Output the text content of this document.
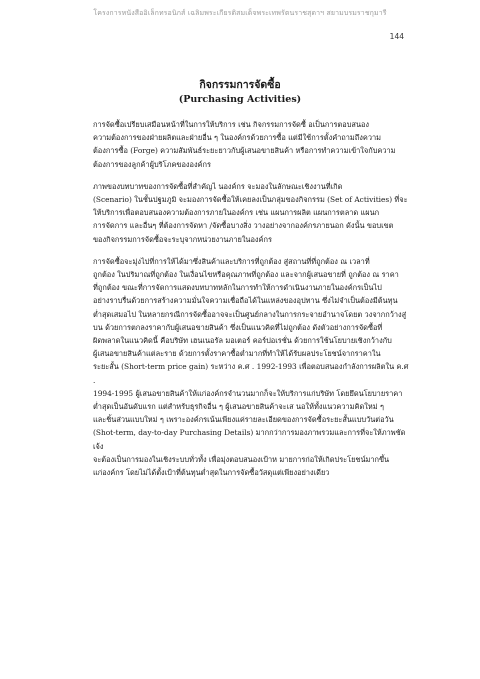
โครงการหนังสืออิเล็กทรอนิกส์ เฉลิมพระเกียรติสมเด็จพระเทพรัตนราชสุดาฯ สยามบรมราชกุมารี
144
กิจกรรมการจัดซื้อ
(Purchasing Activities)

การจัดซื้อเปรียบเสมือนหน้าที่ในการให้บริการ เช่น กิจกรรมการจัดซื้ อเป็นการตอบสนอง
ความต้องการของฝ่ายผลิตและฝ่ายอื่น ๆ ในองค์กรด้วยการซื้อ แต่มีใช้การตั้งคำถามถึงความ
ต้องการซื้อ (Forge) ความสัมพันธ์ระยะยาวกับผู้เสนอขายสินค้า หรือการทำความเข้าใจกับความ
ต้องการของลูกค้าผู้บริโภคขององค์กร

ภาพของบทบาทของการจัดซื้อที่สำคัญไ นองค์กร จะมองในลักษณะเชิงงานที่เกิด
(Scenario) ในชั้นปฐมภูมิ จะมองการจัดซื้อให้เคยลงเป็นกลุ่มของกิจกรรม (Set of Activities) ที่จะ
ให้บริการเพื่อตอบสนองความต้องการภายในองค์กร เช่น แผนการผลิต แผนการตลาด แผนก
การจัดการ และอื่นๆ ที่ต้องการจัดหา /จัดซื้อบางสิ่ง วางอย่างจากองค์กรภายนอก ดังนั้น ขอบเขต
ของกิจกรรมการจัดซื้อจะระบุจากหน่วยงานภายในองค์กร

การจัดซื้อจะมุ่งไปที่การให้ได้มาซึ่งสินค้าและบริการที่ถูกต้อง สู่สถานที่ที่ถูกต้อง ณ เวลาที่
ถูกต้อง ในปริมาณที่ถูกต้อง ในเงื่อนไขหรือคุณภาพที่ถูกต้อง และจากผู้เสนอขายที่ ถูกต้อง ณ ราคา
ที่ถูกต้อง ขณะที่การจัดการแสดงบทบาทหลักในการทำให้การดำเนินงานภายในองค์กรเป็นไป
อย่างราบรื่นด้วยการสร้างความมั่นใจความเชื่อถือได้ในแหล่งของอุปทาน ซึ่งไม่จำเป็นต้องมีต้นทุน
ต่ำสุดเสมอไป ในหลายกรณีการจัดซื้ออาจจะเป็นศูนย์กลางในการกระจายอำนาจโดยต วงจากกว้างสู่
บน ด้วยการตกลงราคากับผู้เสนอขายสินค้า ซึ่งเป็นแนวคิดที่ไม่ถูกต้อง ดังตัวอย่างการจัดซื้อที่
ผิดพลาดในแนวคิดนี้ คือบริษัท เฮนเนอรัล มอเตอร์ คอร์ปอเรชั่น ด้วยการใช้นโยบายเชิงกว้างกับ
ผู้เสนอขายสินค้าแต่ละราย ด้วยการตั้งราคาซื้อต่ำมากที่ทำให้ได้รับผลประโยชน์จากราคาใน
ระยะสั้น (Short-term price gain) ระหว่าง ค.ศ . 1992-1993 เพื่อตอบสนองกำลังการผลิตใน ค.ศ .
1994-1995 ผู้เสนอขายสินค้าให้แก่องค์กรจำนวนมากก็จะให้บริการแก่บริษัท โดยยึดนโยบายราคา
ต่ำสุดเป็นอันดับแรก แต่สำหรับธุรกิจอื่น ๆ ผู้เสนอขายสินค้าจะเส นอให้ทั้งแนวความคิดใหม่ ๆ
และชิ้นส่วนแบบใหม่ ๆ เพราะองค์กรเน้นเพียงแค่รายละเอียดของการจัดซื้อระยะสั้นแบบวันต่อวัน
(Shot-term, day-to-day Purchasing Details) มากกว่าการมองภาพรวมและการที่จะให้ภาพชัดเจ้ง
จะต้องเป็นการมองในเชิงระบบทั่วทั้ง เพื่อมุ่งตอบสนองเป้าห มายการก่อให้เกิดประโยชน์มากขึ้น
แก่องค์กร โดยไม่ได้ตั้งเป้าที่ต้นทุนต่ำสุดในการจัดซื้อวัสดุแต่เพียงอย่างเดียว
